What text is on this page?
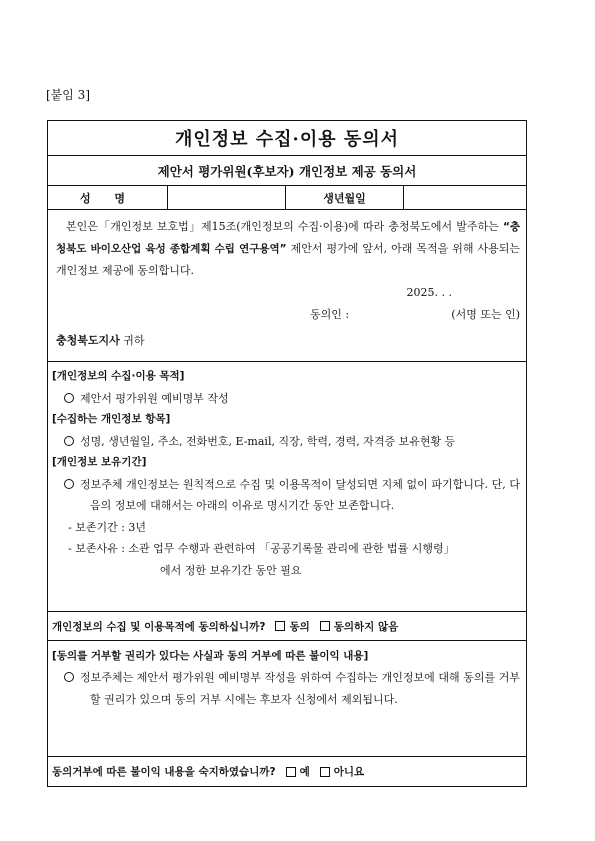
[붙임 3]
개인정보 수집·이용 동의서
제안서 평가위원(후보자) 개인정보 제공 동의서
성 명	생년월일
본인은「개인정보 보호법」제15조(개인정보의 수집·이용)에 따라 충청북도에서 발주하는 “충청북도 바이오산업 육성 종합계획 수립 연구용역” 제안서 평가에 앞서, 아래 목적을 위해 사용되는 개인정보 제공에 동의합니다.
2025. . .
동의인 :	(서명 또는 인)
충청북도지사 귀하
[개인정보의 수집·이용 목적]
제안서 평가위원 예비명부 작성
[수집하는 개인정보 항목]
성명, 생년월일, 주소, 전화번호, E-mail, 직장, 학력, 경력, 자격증 보유현황 등
[개인정보 보유기간]
정보주체 개인정보는 원칙적으로 수집 및 이용목적이 달성되면 지체 없이 파기합니다. 단, 다음의 정보에 대해서는 아래의 이유로 명시기간 동안 보존합니다.
- 보존기간 : 3년
- 보존사유 : 소관 업무 수행과 관련하여 「공공기록물 관리에 관한 법률 시행령」
에서 정한 보유기간 동안 필요
개인정보의 수집 및 이용목적에 동의하십니까? 동의 동의하지 않음
[동의를 거부할 권리가 있다는 사실과 동의 거부에 따른 불이익 내용]
정보주체는 제안서 평가위원 예비명부 작성을 위하여 수집하는 개인정보에 대해 동의를 거부할 권리가 있으며 동의 거부 시에는 후보자 신청에서 제외됩니다.
동의거부에 따른 불이익 내용을 숙지하였습니까? 예 아니요
